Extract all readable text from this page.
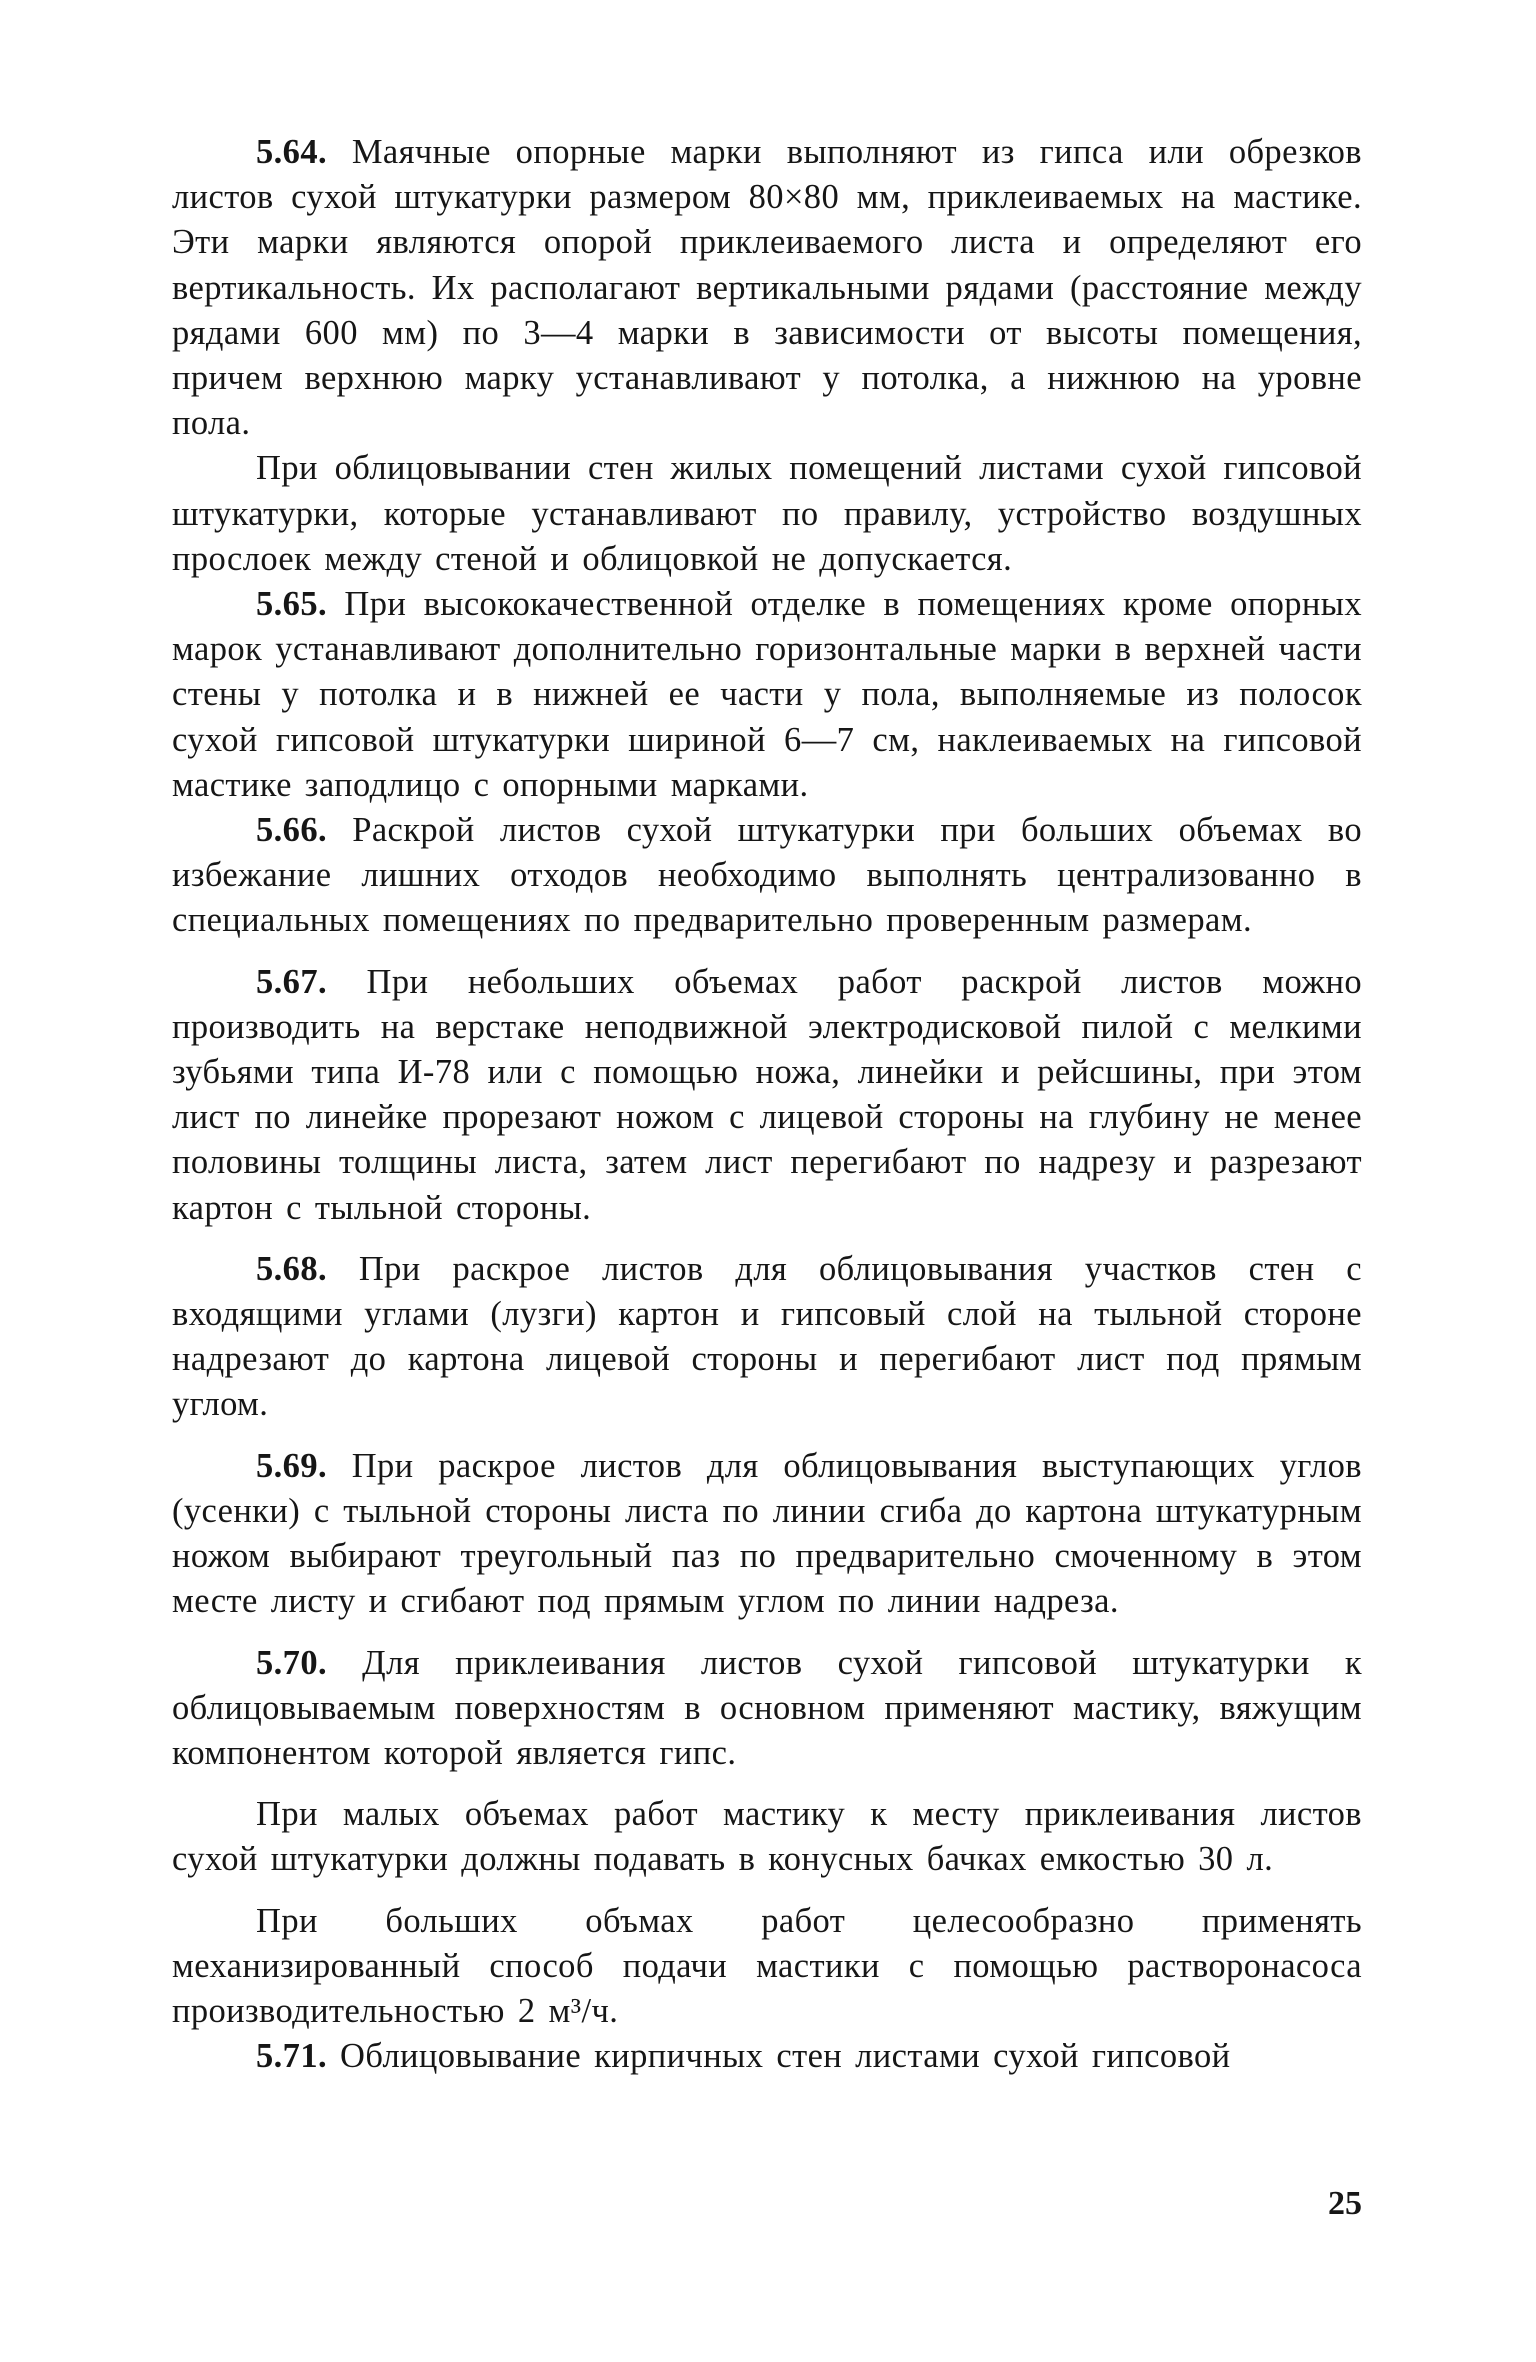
5.64. Маячные опорные марки выполняют из гипса или обрезков листов сухой штукатурки размером 80×80 мм, приклеиваемых на мастике. Эти марки являются опорой приклеиваемого листа и определяют его вертикальность. Их располагают вертикальными рядами (расстояние между рядами 600 мм) по 3—4 марки в зависимости от высоты помещения, причем верхнюю марку устанавливают у потолка, а нижнюю на уровне пола.

При облицовывании стен жилых помещений листами сухой гипсовой штукатурки, которые устанавливают по правилу, устройство воздушных прослоек между стеной и облицовкой не допускается.

5.65. При высококачественной отделке в помещениях кроме опорных марок устанавливают дополнительно горизонтальные марки в верхней части стены у потолка и в нижней ее части у пола, выполняемые из полосок сухой гипсовой штукатурки шириной 6—7 см, наклеиваемых на гипсовой мастике заподлицо с опорными марками.

5.66. Раскрой листов сухой штукатурки при больших объемах во избежание лишних отходов необходимо выполнять централизованно в специальных помещениях по предварительно проверенным размерам.

5.67. При небольших объемах работ раскрой листов можно производить на верстаке неподвижной электродисковой пилой с мелкими зубьями типа И-78 или с помощью ножа, линейки и рейсшины, при этом лист по линейке прорезают ножом с лицевой стороны на глубину не менее половины толщины листа, затем лист перегибают по надрезу и разрезают картон с тыльной стороны.

5.68. При раскрое листов для облицовывания участков стен с входящими углами (лузги) картон и гипсовый слой на тыльной стороне надрезают до картона лицевой стороны и перегибают лист под прямым углом.

5.69. При раскрое листов для облицовывания выступающих углов (усенки) с тыльной стороны листа по линии сгиба до картона штукатурным ножом выбирают треугольный паз по предварительно смоченному в этом месте листу и сгибают под прямым углом по линии надреза.

5.70. Для приклеивания листов сухой гипсовой штукатурки к облицовываемым поверхностям в основном применяют мастику, вяжущим компонентом которой является гипс.

При малых объемах работ мастику к месту приклеивания листов сухой штукатурки должны подавать в конусных бачках емкостью 30 л.

При больших объмах работ целесообразно применять механизированный способ подачи мастики с помощью растворонасоса производительностью 2 м³/ч.

5.71. Облицовывание кирпичных стен листами сухой гипсовой

25
